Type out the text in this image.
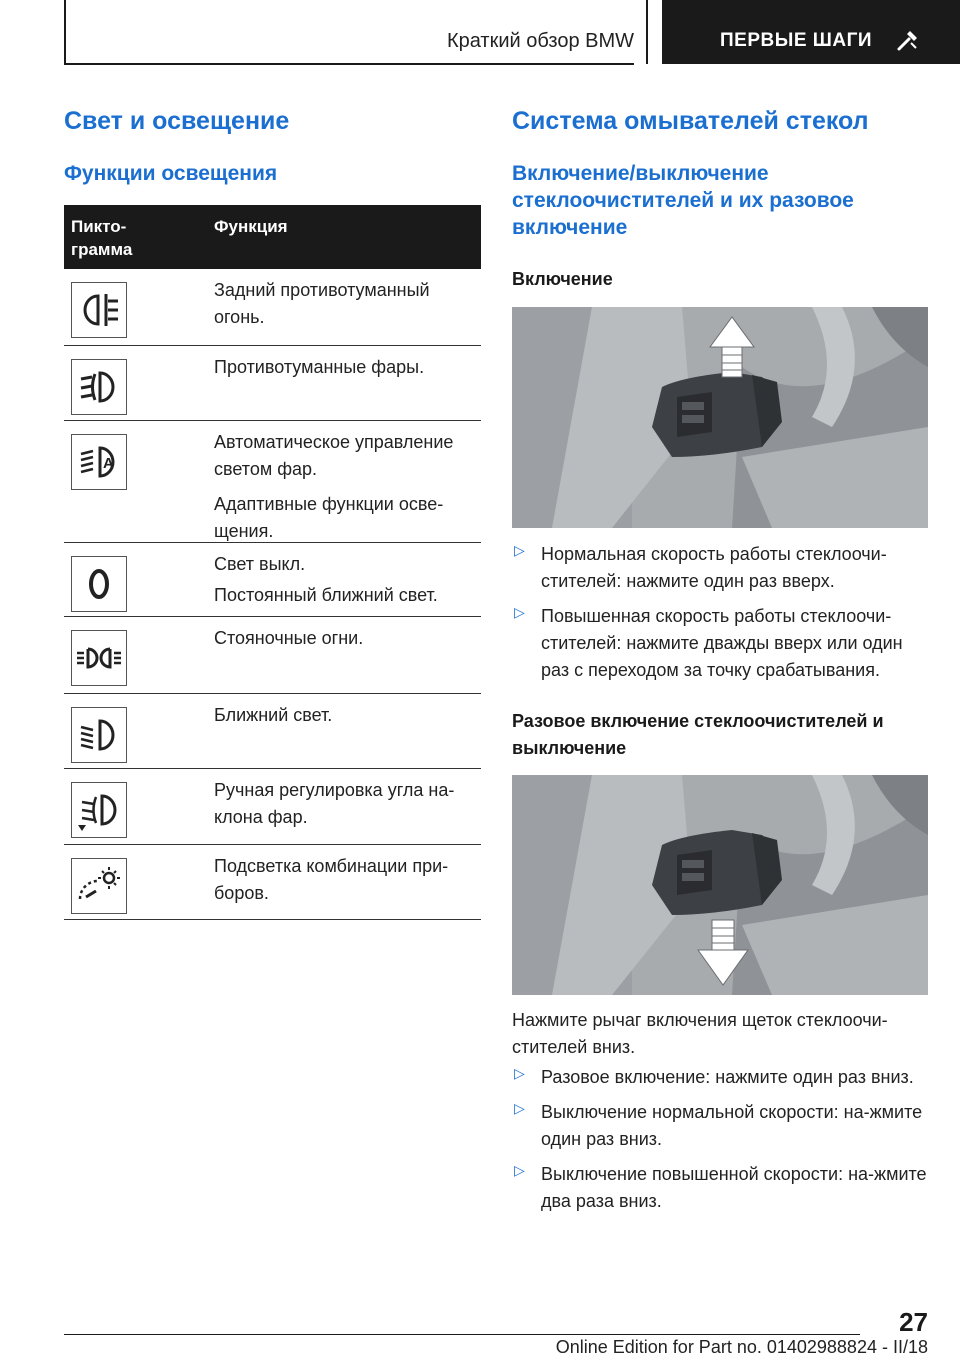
Краткий обзор BMW	ПЕРВЫЕ ШАГИ
Свет и освещение
Функции освещения
Пикто-
грамма
Функция
Задний противотуманный огонь.
Противотуманные фары.
A
Автоматическое управление светом фар.
Адаптивные функции осве-щения.
Свет выкл.
Постоянный ближний свет.
Стояночные огни.
Ближний свет.
Ручная регулировка угла на-клона фар.
Подсветка комбинации при-боров.
Система омывателей стекол
Включение/выключение стеклоочистителей и их разовое включение
Включение
▷ Нормальная скорость работы стеклоочи-стителей: нажмите один раз вверх.
▷ Повышенная скорость работы стеклоочи-стителей: нажмите дважды вверх или один раз с переходом за точку срабатывания.
Разовое включение стеклоочистителей и выключение
Нажмите рычаг включения щеток стеклоочи-стителей вниз.
▷ Разовое включение: нажмите один раз вниз.
▷ Выключение нормальной скорости: на-жмите один раз вниз.
▷ Выключение повышенной скорости: на-жмите два раза вниз.
27
Online Edition for Part no. 01402988824 - II/18
